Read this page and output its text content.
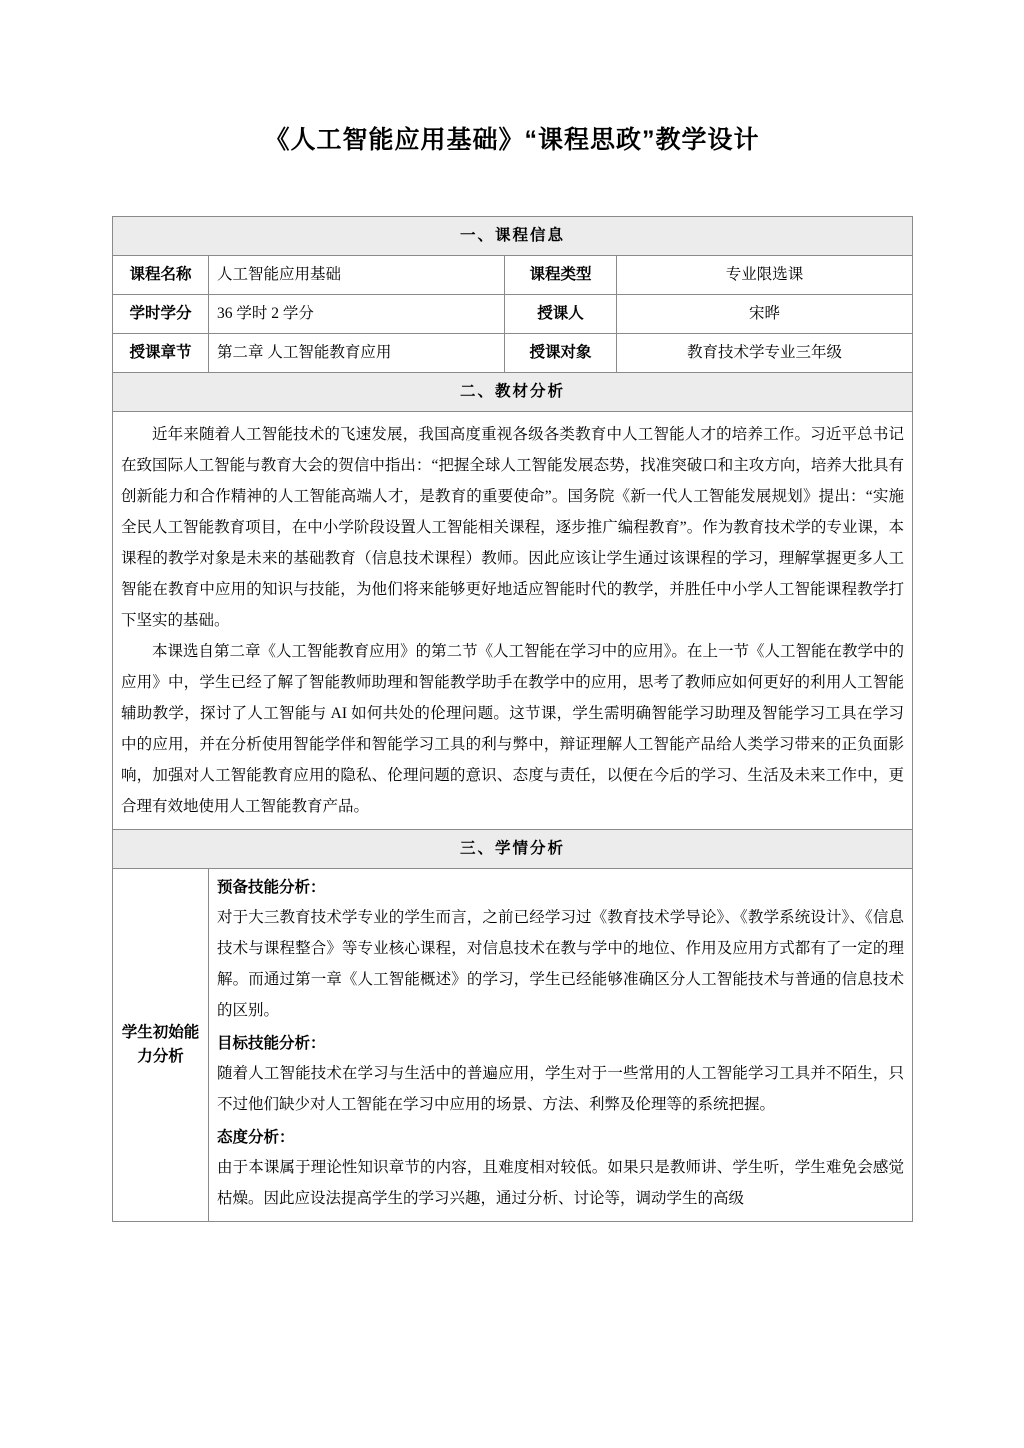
《人工智能应用基础》“课程思政”教学设计
一、课程信息			
课程名称	人工智能应用基础	课程类型	专业限选课
学时学分	36 学时 2 学分	授课人	宋晔
授课章节	第二章 人工智能教育应用	授课对象	教育技术学专业三年级
二、教材分析			

近年来随着人工智能技术的飞速发展，我国高度重视各级各类教育中人工智能人才的培养工作。习近平总书记在致国际人工智能与教育大会的贺信中指出：“把握全球人工智能发展态势，找准突破口和主攻方向，培养大批具有创新能力和合作精神的人工智能高端人才，是教育的重要使命”。国务院《新一代人工智能发展规划》提出：“实施全民人工智能教育项目，在中小学阶段设置人工智能相关课程，逐步推广编程教育”。作为教育技术学的专业课，本课程的教学对象是未来的基础教育（信息技术课程）教师。因此应该让学生通过该课程的学习，理解掌握更多人工智能在教育中应用的知识与技能，为他们将来能够更好地适应智能时代的教学，并胜任中小学人工智能课程教学打下坚实的基础。

本课选自第二章《人工智能教育应用》的第二节《人工智能在学习中的应用》。在上一节《人工智能在教学中的应用》中，学生已经了解了智能教师助理和智能教学助手在教学中的应用，思考了教师应如何更好的利用人工智能辅助教学，探讨了人工智能与 AI 如何共处的伦理问题。这节课，学生需明确智能学习助理及智能学习工具在学习中的应用，并在分析使用智能学伴和智能学习工具的利与弊中，辩证理解人工智能产品给人类学习带来的正负面影响，加强对人工智能教育应用的隐私、伦理问题的意识、态度与责任，以便在今后的学习、生活及未来工作中，更合理有效地使用人工智能教育产品。			

三、学情分析			
学生初始能力分析	

预备技能分析：

对于大三教育技术学专业的学生而言，之前已经学习过《教育技术学导论》、《教学系统设计》、《信息技术与课程整合》等专业核心课程，对信息技术在教与学中的地位、作用及应用方式都有了一定的理解。而通过第一章《人工智能概述》的学习，学生已经能够准确区分人工智能技术与普通的信息技术的区别。

目标技能分析：

随着人工智能技术在学习与生活中的普遍应用，学生对于一些常用的人工智能学习工具并不陌生，只不过他们缺少对人工智能在学习中应用的场景、方法、利弊及伦理等的系统把握。

态度分析：

由于本课属于理论性知识章节的内容，且难度相对较低。如果只是教师讲、学生听，学生难免会感觉枯燥。因此应设法提高学生的学习兴趣，通过分析、讨论等，调动学生的高级
